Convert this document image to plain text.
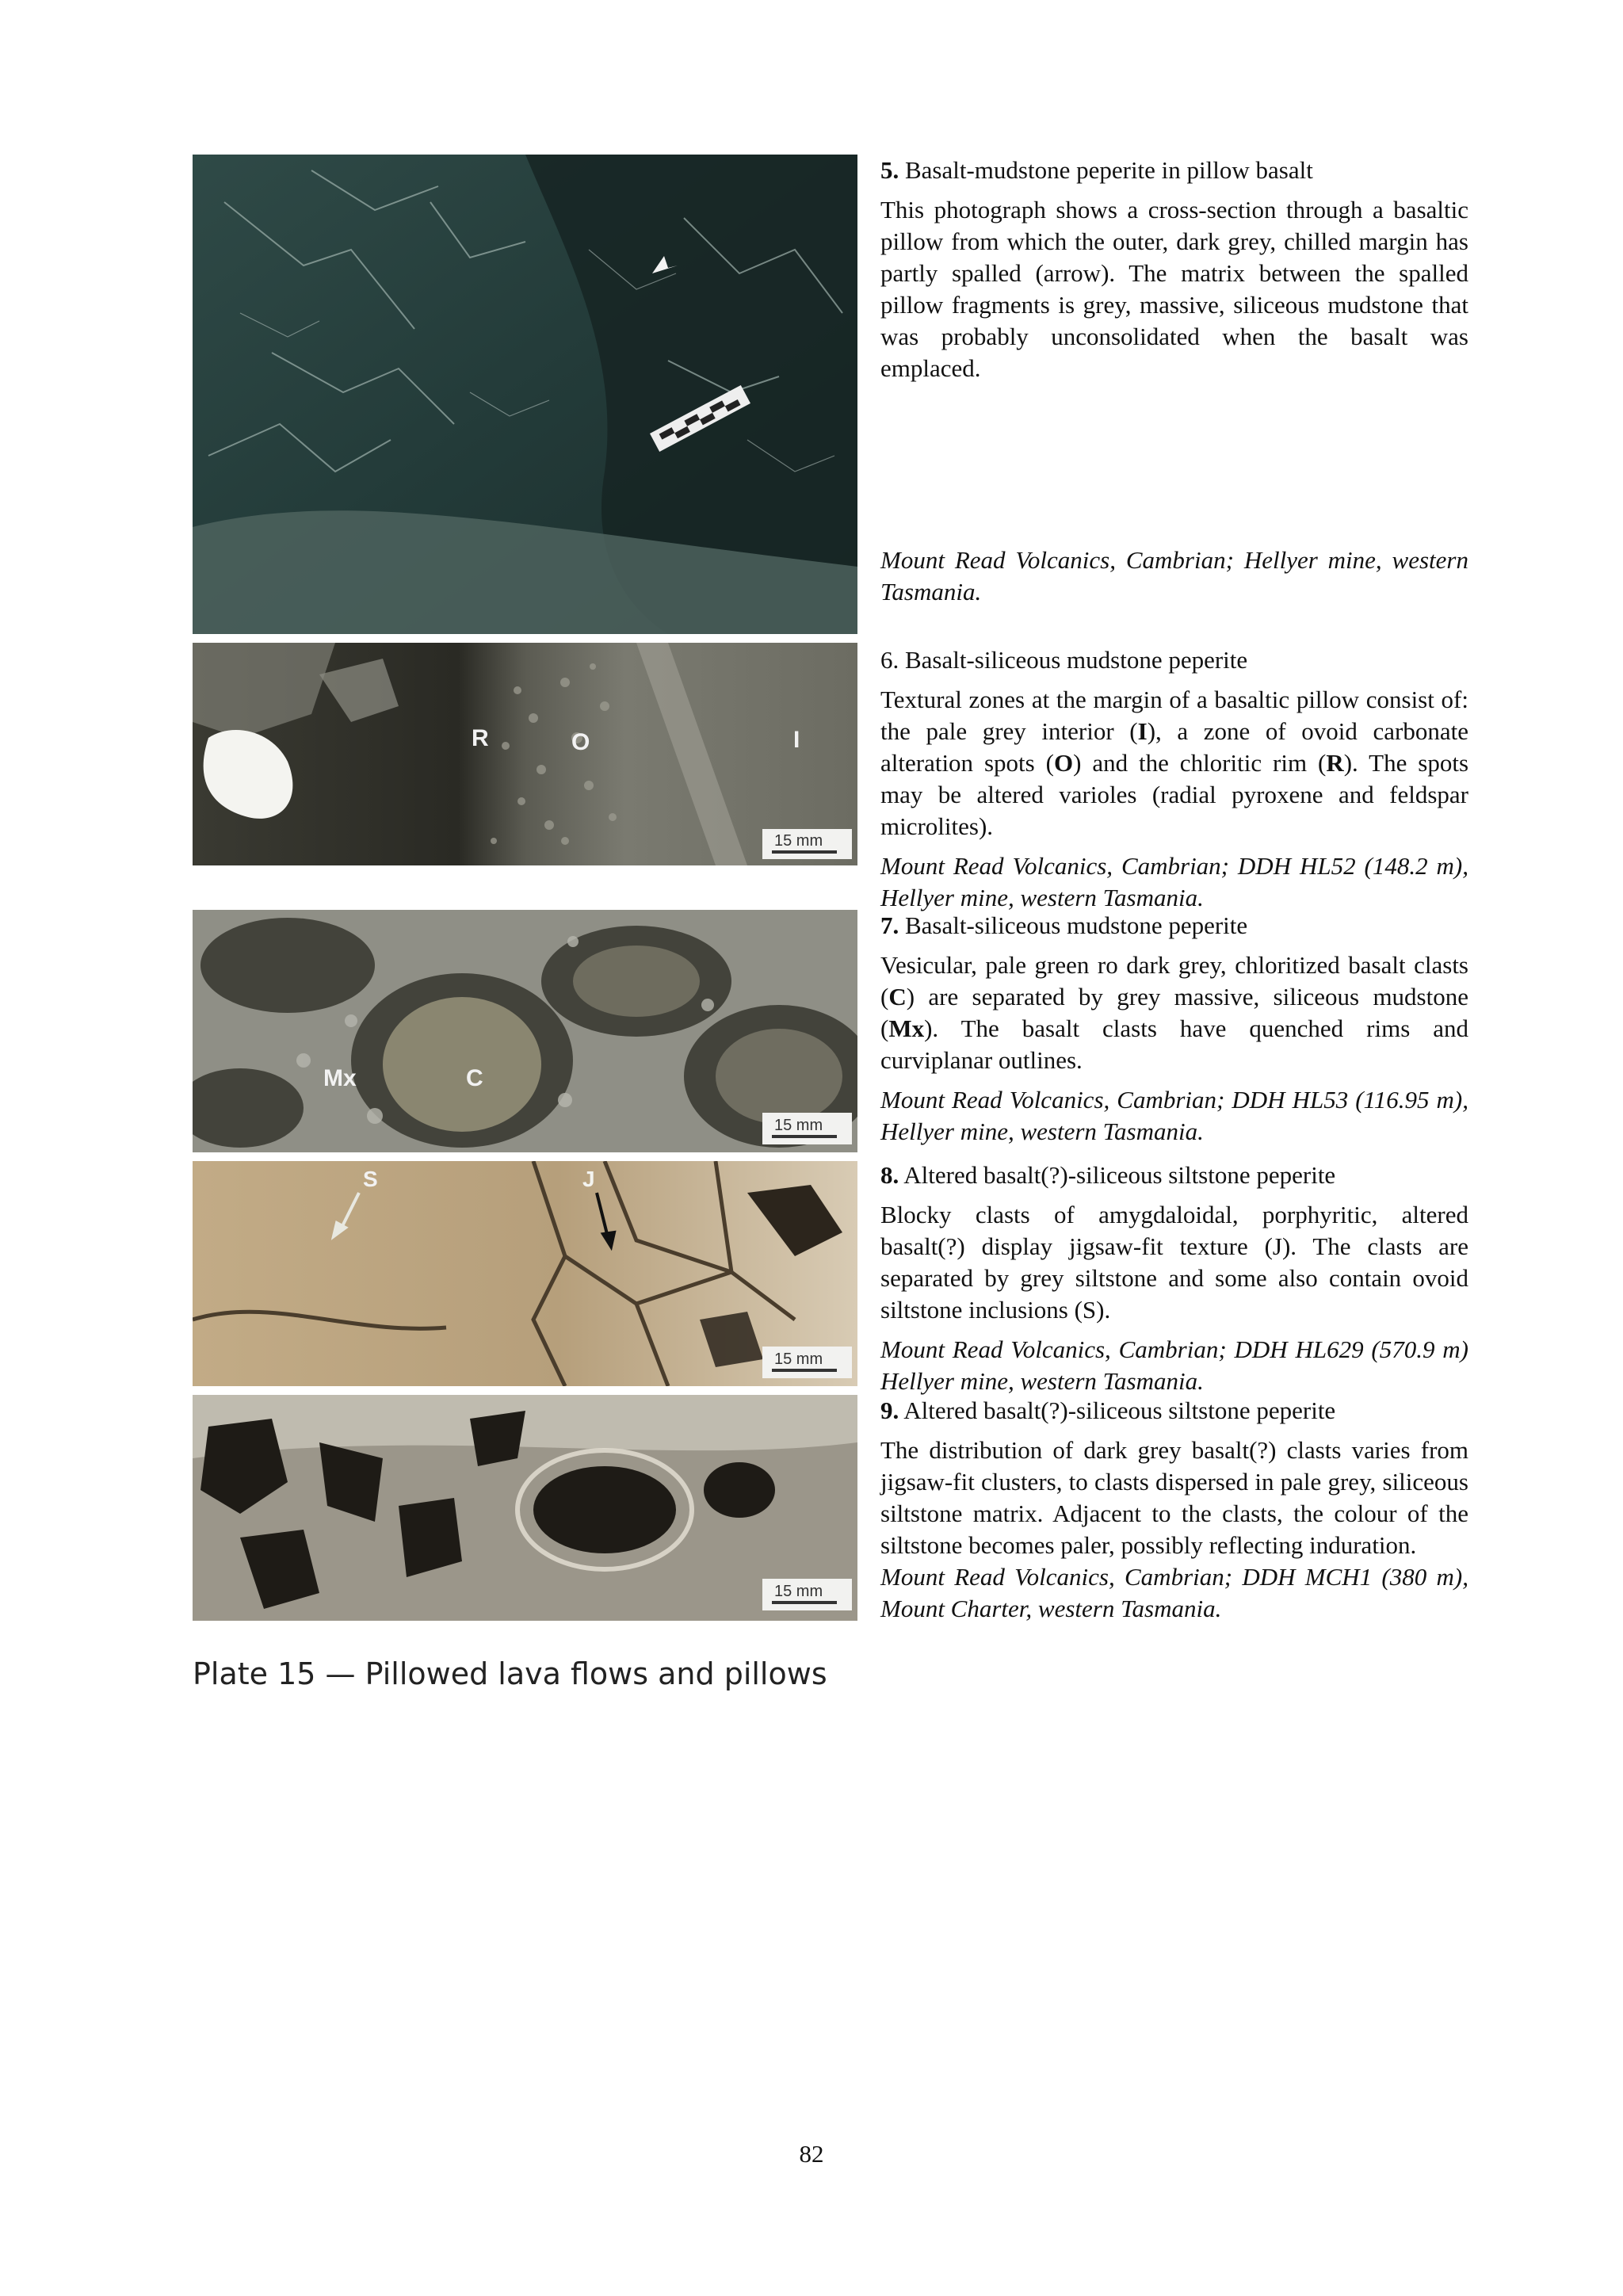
R	O	I
15 mm
Mx	C
15 mm
S	J
15 mm
15 mm

5. Basalt-mudstone peperite in pillow basalt

This photograph shows a cross-section through a basaltic pillow from which the outer, dark grey, chilled margin has partly spalled (arrow). The matrix between the spalled pillow fragments is grey, massive, siliceous mudstone that was probably unconsolidated when the basalt was emplaced.

Mount Read Volcanics, Cambrian; Hellyer mine, western Tasmania.

6. Basalt-siliceous mudstone peperite

Textural zones at the margin of a basaltic pillow consist of: the pale grey interior (I), a zone of ovoid carbonate alteration spots (O) and the chloritic rim (R). The spots may be altered varioles (radial pyroxene and feldspar microlites).

Mount Read Volcanics, Cambrian; DDH HL52 (148.2 m), Hellyer mine, western Tasmania.

7. Basalt-siliceous mudstone peperite

Vesicular, pale green ro dark grey, chloritized basalt clasts (C) are separated by grey massive, siliceous mudstone (Mx). The basalt clasts have quenched rims and curviplanar outlines.

Mount Read Volcanics, Cambrian; DDH HL53 (116.95 m), Hellyer mine, western Tasmania.

8. Altered basalt(?)-siliceous siltstone peperite

Blocky clasts of amygdaloidal, porphyritic, altered basalt(?) display jigsaw-fit texture (J). The clasts are separated by grey siltstone and some also contain ovoid siltstone inclusions (S).

Mount Read Volcanics, Cambrian; DDH HL629 (570.9 m) Hellyer mine, western Tasmania.

9. Altered basalt(?)-siliceous siltstone peperite

The distribution of dark grey basalt(?) clasts varies from jigsaw-fit clusters, to clasts dispersed in pale grey, siliceous siltstone matrix. Adjacent to the clasts, the colour of the siltstone becomes paler, possibly reflecting induration.

Mount Read Volcanics, Cambrian; DDH MCH1 (380 m), Mount Charter, western Tasmania.

Plate 15 — Pillowed lava flows and pillows
82
